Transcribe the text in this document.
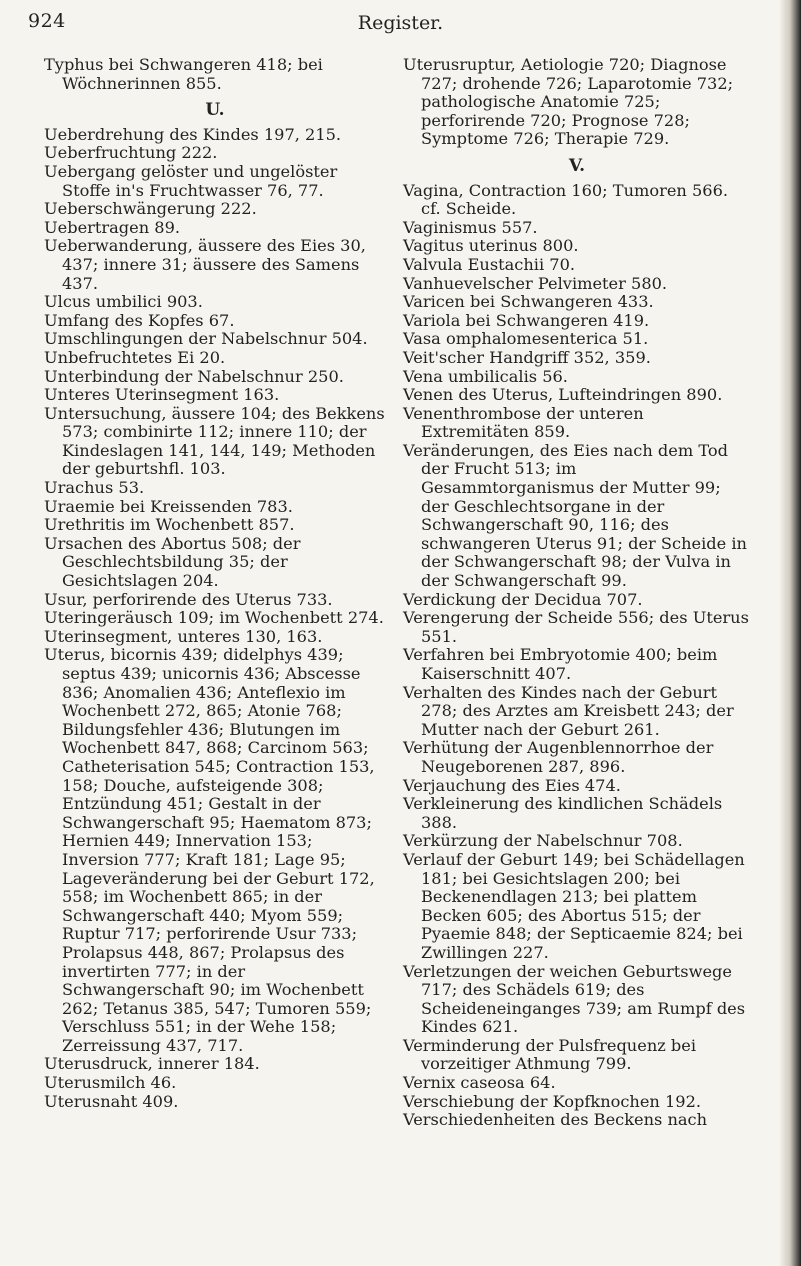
924	Register.

Typhus bei Schwangeren 418; bei Wöchnerinnen 855.

U.

Ueberdrehung des Kindes 197, 215.

Ueberfruchtung 222.

Uebergang gelöster und ungelöster Stoffe in's Fruchtwasser 76, 77.

Ueberschwängerung 222.

Uebertragen 89.

Ueberwanderung, äussere des Eies 30, 437; innere 31; äussere des Samens 437.

Ulcus umbilici 903.

Umfang des Kopfes 67.

Umschlingungen der Nabelschnur 504.

Unbefruchtetes Ei 20.

Unterbindung der Nabelschnur 250.

Unteres Uterinsegment 163.

Untersuchung, äussere 104; des Bekkens 573; combinirte 112; innere 110; der Kindeslagen 141, 144, 149; Methoden der geburtshfl. 103.

Urachus 53.

Uraemie bei Kreissenden 783.

Urethritis im Wochenbett 857.

Ursachen des Abortus 508; der Geschlechtsbildung 35; der Gesichtslagen 204.

Usur, perforirende des Uterus 733.

Uteringeräusch 109; im Wochenbett 274.

Uterinsegment, unteres 130, 163.

Uterus, bicornis 439; didelphys 439; septus 439; unicornis 436; Abscesse 836; Anomalien 436; Anteflexio im Wochenbett 272, 865; Atonie 768; Bildungsfehler 436; Blutungen im Wochenbett 847, 868; Carcinom 563; Catheterisation 545; Contraction 153, 158; Douche, aufsteigende 308; Entzündung 451; Gestalt in der Schwangerschaft 95; Haematom 873; Hernien 449; Innervation 153; Inversion 777; Kraft 181; Lage 95; Lageveränderung bei der Geburt 172, 558; im Wochenbett 865; in der Schwangerschaft 440; Myom 559; Ruptur 717; perforirende Usur 733; Prolapsus 448, 867; Prolapsus des invertirten 777; in der Schwangerschaft 90; im Wochenbett 262; Tetanus 385, 547; Tumoren 559; Verschluss 551; in der Wehe 158; Zerreissung 437, 717.

Uterusdruck, innerer 184.

Uterusmilch 46.

Uterusnaht 409.

Uterusruptur, Aetiologie 720; Diagnose 727; drohende 726; Laparotomie 732; pathologische Anatomie 725; perforirende 720; Prognose 728; Symptome 726; Therapie 729.

V.

Vagina, Contraction 160; Tumoren 566. cf. Scheide.

Vaginismus 557.

Vagitus uterinus 800.

Valvula Eustachii 70.

Vanhuevelscher Pelvimeter 580.

Varicen bei Schwangeren 433.

Variola bei Schwangeren 419.

Vasa omphalomesenterica 51.

Veit'scher Handgriff 352, 359.

Vena umbilicalis 56.

Venen des Uterus, Lufteindringen 890.

Venenthrombose der unteren Extremitäten 859.

Veränderungen, des Eies nach dem Tod der Frucht 513; im Gesammtorganismus der Mutter 99; der Geschlechtsorgane in der Schwangerschaft 90, 116; des schwangeren Uterus 91; der Scheide in der Schwangerschaft 98; der Vulva in der Schwangerschaft 99.

Verdickung der Decidua 707.

Verengerung der Scheide 556; des Uterus 551.

Verfahren bei Embryotomie 400; beim Kaiserschnitt 407.

Verhalten des Kindes nach der Geburt 278; des Arztes am Kreisbett 243; der Mutter nach der Geburt 261.

Verhütung der Augenblennorrhoe der Neugeborenen 287, 896.

Verjauchung des Eies 474.

Verkleinerung des kindlichen Schädels 388.

Verkürzung der Nabelschnur 708.

Verlauf der Geburt 149; bei Schädellagen 181; bei Gesichtslagen 200; bei Beckenendlagen 213; bei plattem Becken 605; des Abortus 515; der Pyaemie 848; der Septicaemie 824; bei Zwillingen 227.

Verletzungen der weichen Geburtswege 717; des Schädels 619; des Scheideneinganges 739; am Rumpf des Kindes 621.

Verminderung der Pulsfrequenz bei vorzeitiger Athmung 799.

Vernix caseosa 64.

Verschiebung der Kopfknochen 192.

Verschiedenheiten des Beckens nach
